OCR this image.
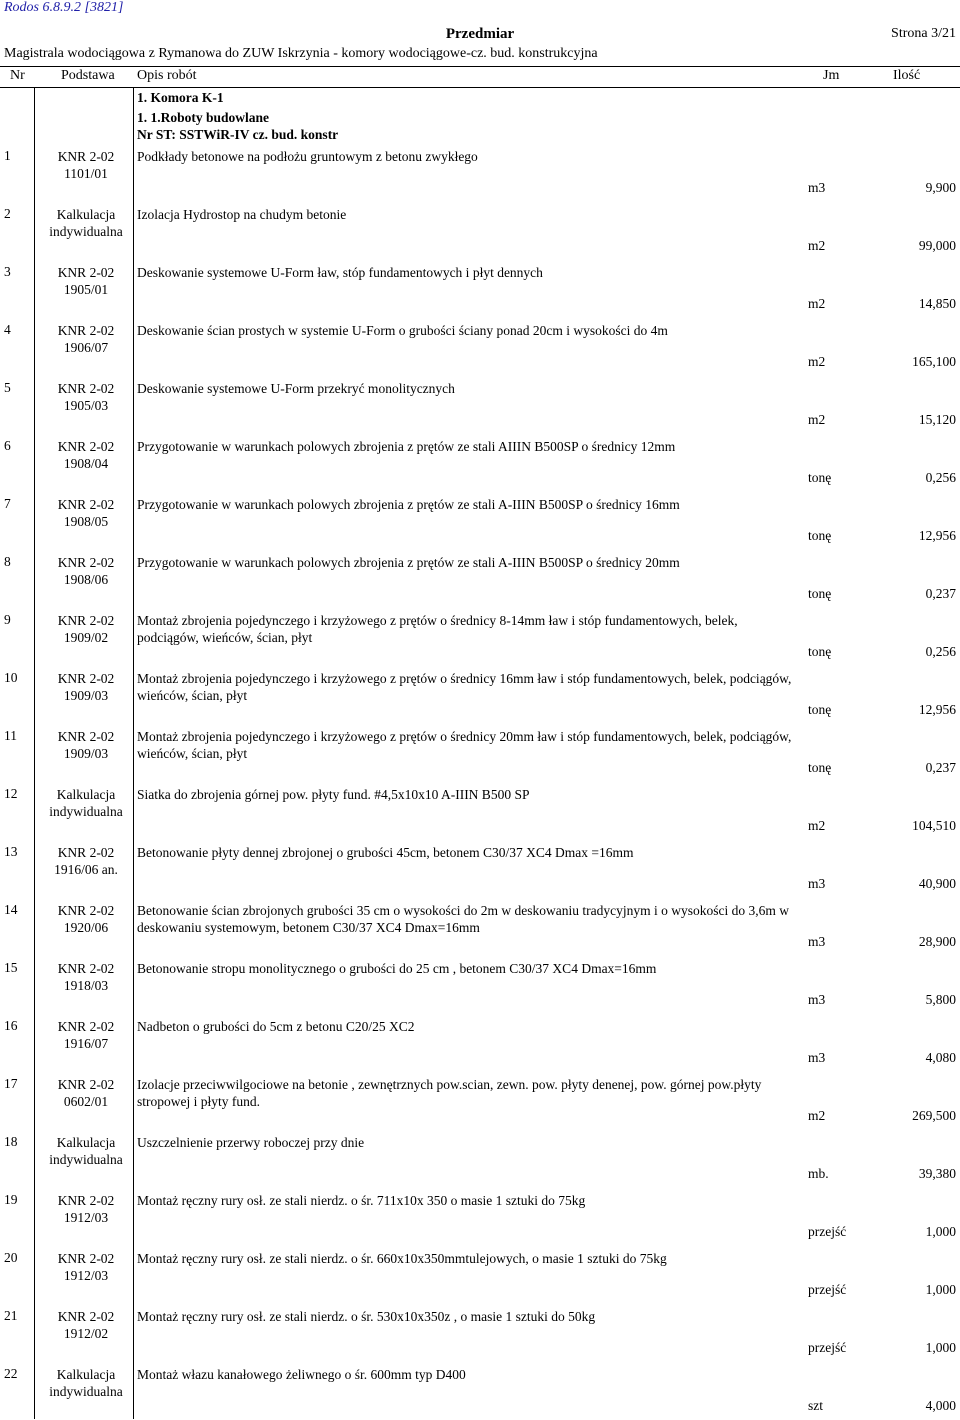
Rodos 6.8.9.2 [3821]
Przedmiar	Strona 3/21
Magistrala wodociągowa z Rymanowa do ZUW Iskrzynia - komory wodociągowe-cz. bud. konstrukcyjna
Nr	Podstawa Opis robót	Jm	Ilość
1. Komora K-1
1. 1.Roboty budowlane
Nr ST: SSTWiR-IV cz. bud. konstr
1	KNR 2-02
1101/01
Podkłady betonowe na podłożu gruntowym z betonu zwykłego
m3	9,900
2	Kalkulacja
indywidualna
Izolacja Hydrostop na chudym betonie
m2	99,000
3	KNR 2-02
1905/01
Deskowanie systemowe U-Form ław, stóp fundamentowych i płyt dennych
m2	14,850
4	KNR 2-02
1906/07
Deskowanie ścian prostych w systemie U-Form o grubości ściany ponad 20cm i wysokości do 4m
m2	165,100
5	KNR 2-02
1905/03
Deskowanie systemowe U-Form przekryć monolitycznych
m2	15,120
6	KNR 2-02
1908/04
Przygotowanie w warunkach polowych zbrojenia z prętów ze stali AIIIN B500SP o średnicy 12mm
tonę	0,256
7	KNR 2-02
1908/05
Przygotowanie w warunkach polowych zbrojenia z prętów ze stali A-IIIN B500SP o średnicy 16mm
tonę	12,956
8	KNR 2-02
1908/06
Przygotowanie w warunkach polowych zbrojenia z prętów ze stali A-IIIN B500SP o średnicy 20mm
tonę	0,237
9	KNR 2-02
1909/02
Montaż zbrojenia pojedynczego i krzyżowego z prętów o średnicy 8-14mm ław i stóp fundamentowych, belek, podciągów, wieńców, ścian, płyt
tonę	0,256
10	KNR 2-02
1909/03
Montaż zbrojenia pojedynczego i krzyżowego z prętów o średnicy 16mm ław i stóp fundamentowych, belek, podciągów, wieńców, ścian, płyt
tonę	12,956
11	KNR 2-02
1909/03
Montaż zbrojenia pojedynczego i krzyżowego z prętów o średnicy 20mm ław i stóp fundamentowych, belek, podciągów, wieńców, ścian, płyt
tonę	0,237
12	Kalkulacja
indywidualna
Siatka do zbrojenia górnej pow. płyty fund. #4,5x10x10 A-IIIN B500 SP
m2	104,510
13	KNR 2-02
1916/06 an.
Betonowanie płyty dennej zbrojonej o grubości 45cm, betonem C30/37 XC4 Dmax =16mm
m3	40,900
14	KNR 2-02
1920/06
Betonowanie ścian zbrojonych grubości 35 cm o wysokości do 2m w deskowaniu tradycyjnym i o wysokości do 3,6m w deskowaniu systemowym, betonem C30/37 XC4 Dmax=16mm
m3	28,900
15	KNR 2-02
1918/03
Betonowanie stropu monolitycznego o grubości do 25 cm , betonem C30/37 XC4 Dmax=16mm
m3	5,800
16	KNR 2-02
1916/07
Nadbeton o grubości do 5cm z betonu C20/25 XC2
m3	4,080
17	KNR 2-02
0602/01
Izolacje przeciwwilgociowe na betonie , zewnętrznych pow.scian, zewn. pow. płyty denenej, pow. górnej pow.płyty stropowej i płyty fund.
m2	269,500
18	Kalkulacja
indywidualna
Uszczelnienie przerwy roboczej przy dnie
mb.	39,380
19	KNR 2-02
1912/03
Montaż ręczny rury osł. ze stali nierdz. o śr. 711x10x 350 o masie 1 sztuki do 75kg
przejść	1,000
20	KNR 2-02
1912/03
Montaż ręczny rury osł. ze stali nierdz. o śr. 660x10x350mmtulejowych, o masie 1 sztuki do 75kg
przejść	1,000
21	KNR 2-02
1912/02
Montaż ręczny rury osł. ze stali nierdz. o śr. 530x10x350z , o masie 1 sztuki do 50kg
przejść	1,000
22	Kalkulacja
indywidualna
Montaż włazu kanałowego żeliwnego o śr. 600mm typ D400
szt	4,000
